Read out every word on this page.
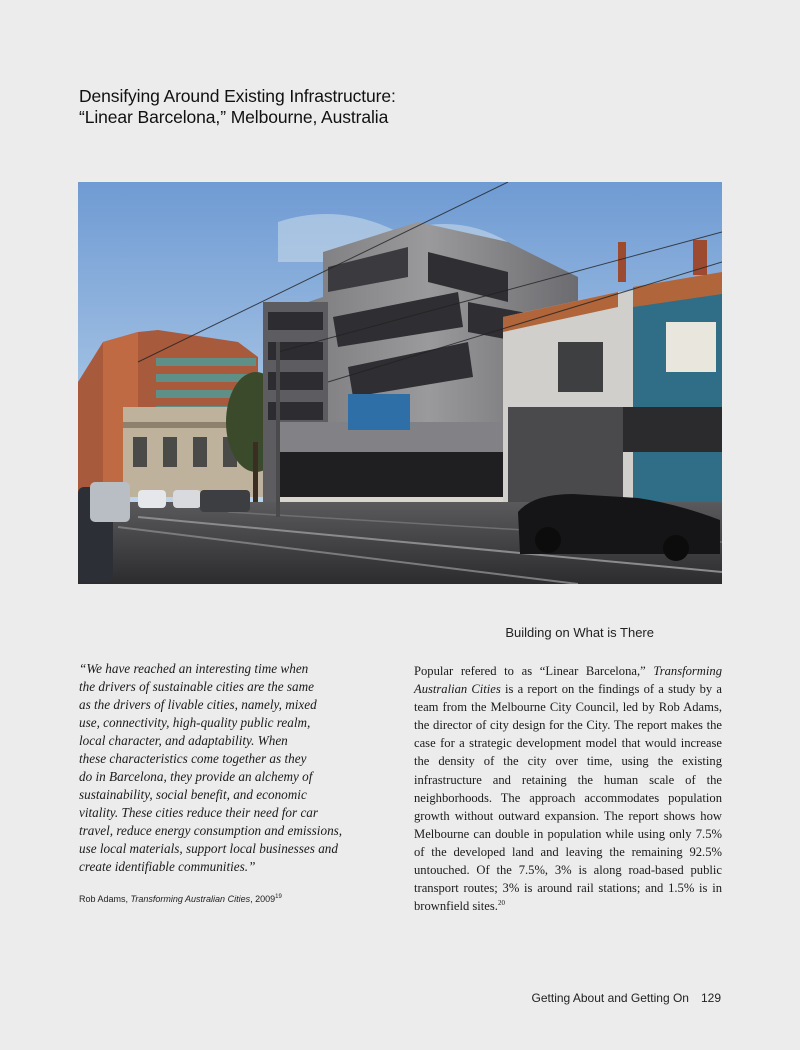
Densifying Around Existing Infrastructure:
“Linear Barcelona,” Melbourne, Australia
Building on What is There
“We have reached an interesting time when
the drivers of sustainable cities are the same
as the drivers of livable cities, namely, mixed
use, connectivity, high-quality public realm,
local character, and adaptability. When
these characteristics come together as they
do in Barcelona, they provide an alchemy of
sustainability, social benefit, and economic
vitality. These cities reduce their need for car
travel, reduce energy consumption and emissions,
use local materials, support local businesses and
create identifiable communities.”
Rob Adams, Transforming Australian Cities, 2009$^{19}$

Popular refered to as “Linear Barcelona,” Transforming Australian Cities is a report on the findings of a study by a team from the Melbourne City Council, led by Rob Adams, the director of city design for the City. The report makes the case for a strategic development model that would increase the density of the city over time, using the existing infrastructure and retaining the human scale of the neighborhoods. The approach accommodates population growth without outward expansion. The report shows how Melbourne can double in population while using only 7.5% of the developed land and leaving the remaining 92.5% untouched. Of the 7.5%, 3% is along road-based public transport routes; 3% is around rail stations; and 1.5% is in brownfield sites.$^{20}$

Getting About and Getting On 129
